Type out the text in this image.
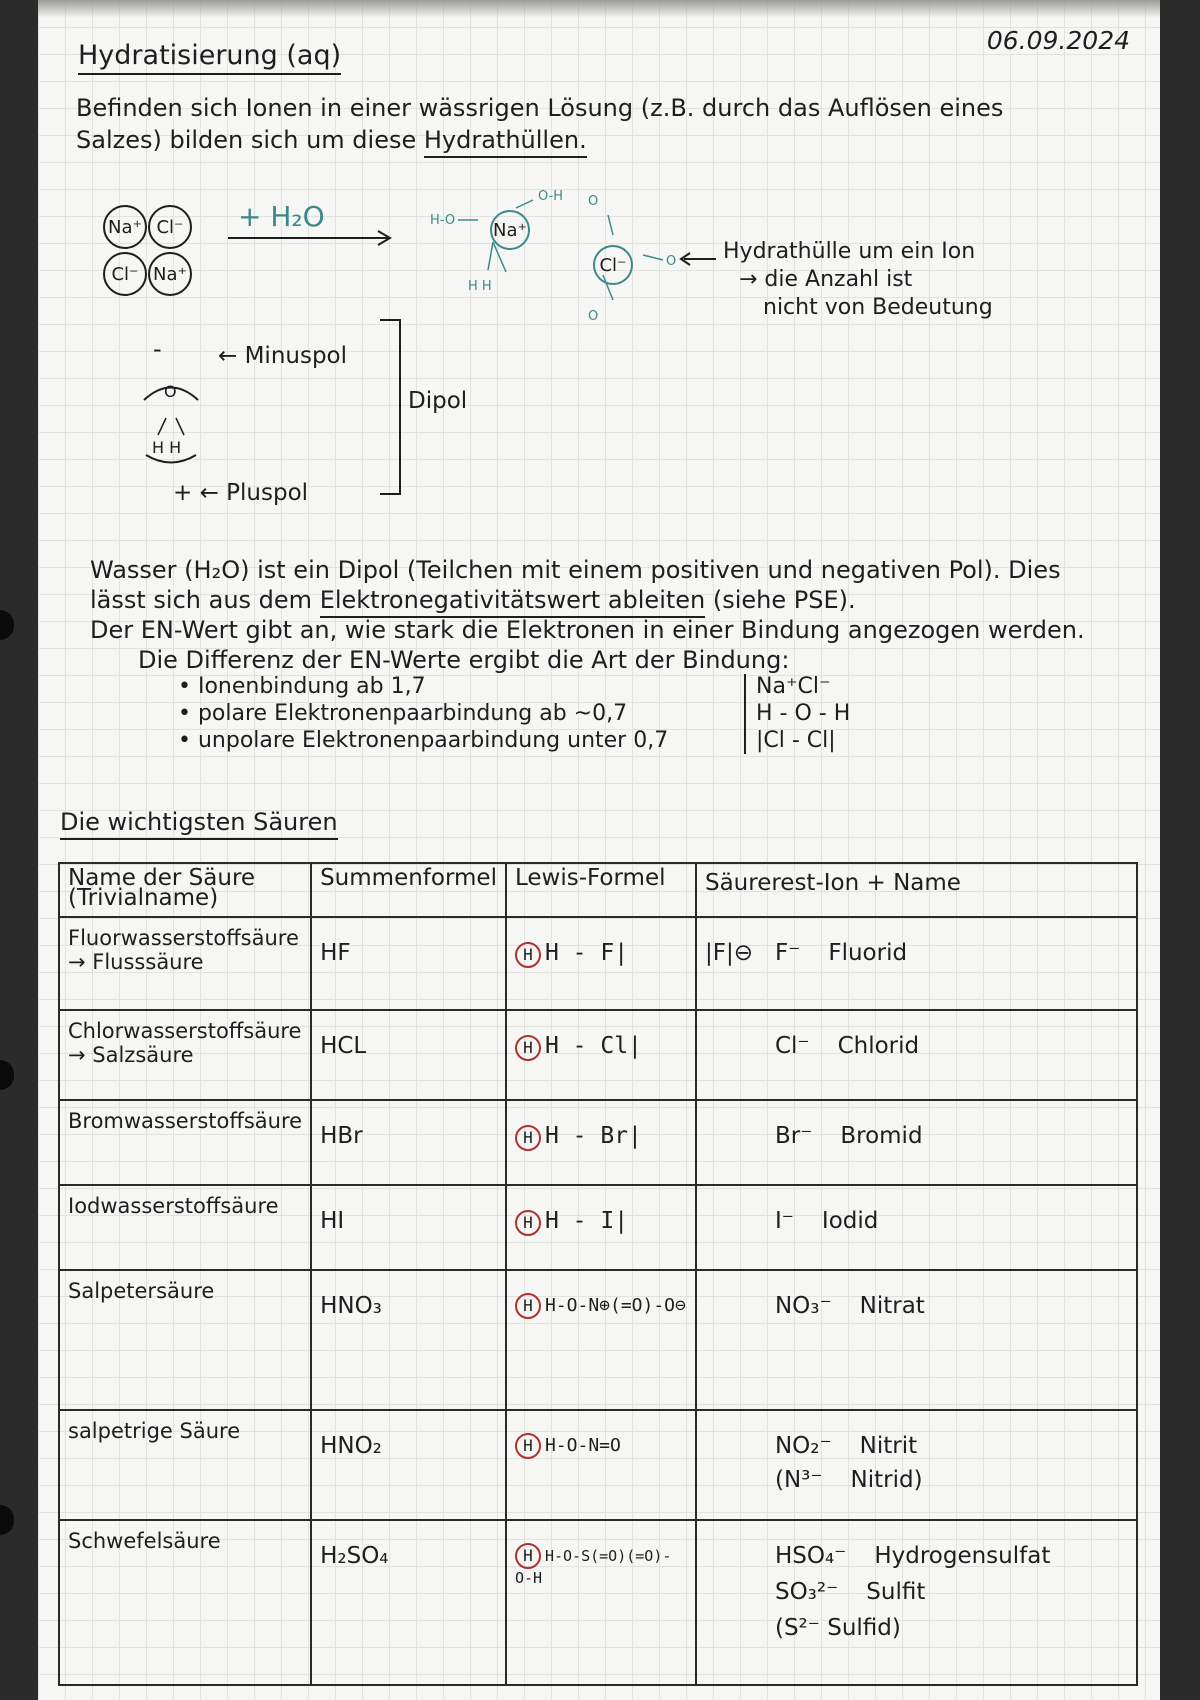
Hydratisierung (aq)	06.09.2024
Befinden sich Ionen in einer wässrigen Lösung (z.B. durch das Auflösen eines
Salzes) bilden sich um diese Hydrathüllen.
Na⁺ Cl⁻
Cl⁻ Na⁺
+ H₂O	H-O
O-H
H H
O
O
O
Na⁺
Cl⁻
Hydrathülle um ein Ion
→ die Anzahl ist
nicht von Bedeutung
- ← Minuspol
O
H H
+ ← Pluspol
Dipol
Wasser (H₂O) ist ein Dipol (Teilchen mit einem positiven und negativen Pol). Dies
lässt sich aus dem Elektronegativitätswert ableiten (siehe PSE).
Der EN-Wert gibt an, wie stark die Elektronen in einer Bindung angezogen werden.
Die Differenz der EN-Werte ergibt die Art der Bindung:
• Ionenbindung ab 1,7
• polare Elektronenpaarbindung ab ~0,7
• unpolare Elektronenpaarbindung unter 0,7
Na⁺Cl⁻
H - O - H
|Cl - Cl|
Die wichtigsten Säuren
Name der Säure (Trivialname)	Summenformel	Lewis-Formel	Säurerest-Ion + Name

Fluorwasserstoffsäure
→ Flusssäure	HF	H H - F|	|F|⊖ F⁻ Fluorid

Chlorwasserstoffsäure
→ Salzsäure	HCL	H H - Cl|	Cl⁻ Chlorid

Bromwasserstoffsäure	HBr	H H - Br|	Br⁻ Bromid

Iodwasserstoffsäure	HI	H H - I|	I⁻ Iodid

Salpetersäure	HNO₃	H H-O-N⊕(=O)-O⊖	NO₃⁻ Nitrat

salpetrige Säure	HNO₂	H H-O-N=O	NO₂⁻ Nitrit
(N³⁻ Nitrid)

Schwefelsäure	H₂SO₄	H H-O-S(=O)(=O)-O-H	HSO₄⁻ Hydrogensulfat
SO₃²⁻ Sulfit
(S²⁻ Sulfid)
